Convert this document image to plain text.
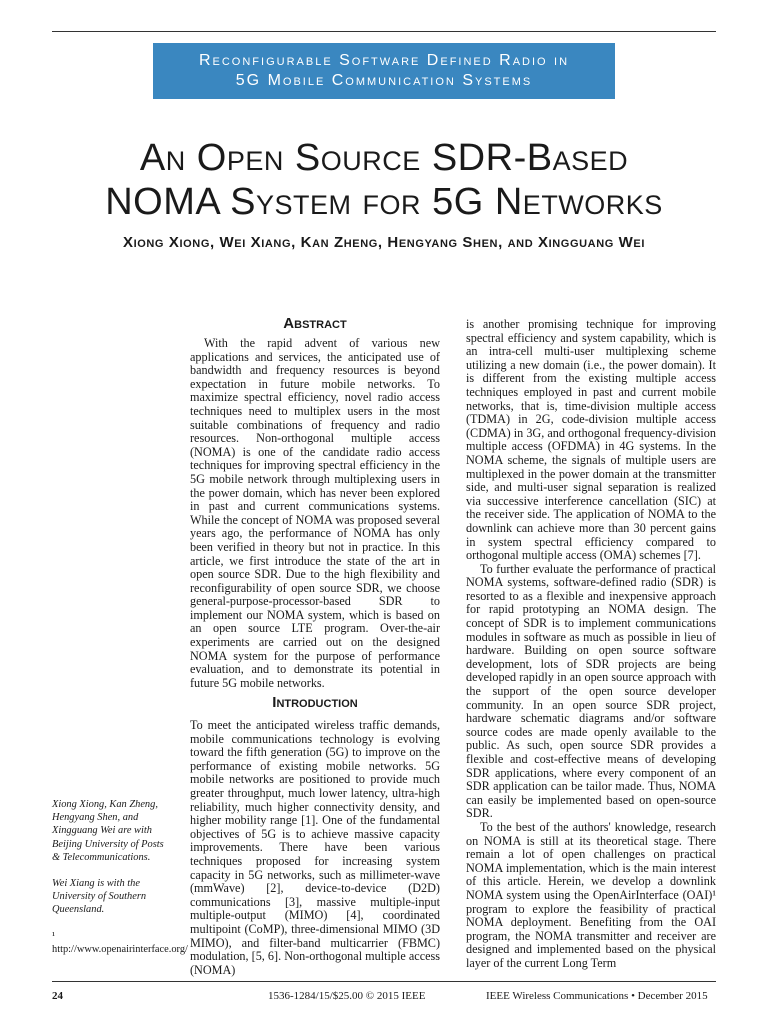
Reconfigurable Software Defined Radio in
5G Mobile Communication Systems
An Open Source SDR-Based
NOMA System for 5G Networks
Xiong Xiong, Wei Xiang, Kan Zheng, Hengyang Shen, and Xingguang Wei
Abstract

With the rapid advent of various new applications and services, the anticipated use of bandwidth and frequency resources is beyond expectation in future mobile networks. To maximize spectral efficiency, novel radio access techniques need to multiplex users in the most suitable combinations of frequency and radio resources. Non-orthogonal multiple access (NOMA) is one of the candidate radio access techniques for improving spectral efficiency in the 5G mobile network through multiplexing users in the power domain, which has never been explored in past and current communications systems. While the concept of NOMA was proposed several years ago, the performance of NOMA has only been verified in theory but not in practice. In this article, we first introduce the state of the art in open source SDR. Due to the high flexibility and reconfigurability of open source SDR, we choose general-purpose-processor-based SDR to implement our NOMA system, which is based on an open source LTE program. Over-the-air experiments are carried out on the designed NOMA system for the purpose of performance evaluation, and to demonstrate its potential in future 5G mobile networks.

Introduction

To meet the anticipated wireless traffic demands, mobile communications technology is evolving toward the fifth generation (5G) to improve on the performance of existing mobile networks. 5G mobile networks are positioned to provide much greater throughput, much lower latency, ultra-high reliability, much higher connectivity density, and higher mobility range [1]. One of the fundamental objectives of 5G is to achieve massive capacity improvements. There have been various techniques proposed for increasing system capacity in 5G networks, such as millimeter-wave (mmWave) [2], device-to-device (D2D) communications [3], massive multiple-input multiple-output (MIMO) [4], coordinated multipoint (CoMP), three-dimensional MIMO (3D MIMO), and filter-band multicarrier (FBMC) modulation, [5, 6]. Non-orthogonal multiple access (NOMA)

is another promising technique for improving spectral efficiency and system capability, which is an intra-cell multi-user multiplexing scheme utilizing a new domain (i.e., the power domain). It is different from the existing multiple access techniques employed in past and current mobile networks, that is, time-division multiple access (TDMA) in 2G, code-division multiple access (CDMA) in 3G, and orthogonal frequency-division multiple access (OFDMA) in 4G systems. In the NOMA scheme, the signals of multiple users are multiplexed in the power domain at the transmitter side, and multi-user signal separation is realized via successive interference cancellation (SIC) at the receiver side. The application of NOMA to the downlink can achieve more than 30 percent gains in system spectral efficiency compared to orthogonal multiple access (OMA) schemes [7].

To further evaluate the performance of practical NOMA systems, software-defined radio (SDR) is resorted to as a flexible and inexpensive approach for rapid prototyping an NOMA design. The concept of SDR is to implement communications modules in software as much as possible in lieu of hardware. Building on open source software development, lots of SDR projects are being developed rapidly in an open source approach with the support of the open source developer community. In an open source SDR project, hardware schematic diagrams and/or software source codes are made openly available to the public. As such, open source SDR provides a flexible and cost-effective means of developing SDR applications, where every component of an SDR application can be tailor made. Thus, NOMA can easily be implemented based on open-source SDR.

To the best of the authors' knowledge, research on NOMA is still at its theoretical stage. There remain a lot of open challenges on practical NOMA implementation, which is the main interest of this article. Herein, we develop a downlink NOMA system using the OpenAirInterface (OAI)¹ program to explore the feasibility of practical NOMA deployment. Benefiting from the OAI program, the NOMA transmitter and receiver are designed and implemented based on the physical layer of the current Long Term

Xiong Xiong, Kan Zheng, Hengyang Shen, and Xingguang Wei are with Beijing University of Posts & Telecommunications.

Wei Xiang is with the University of Southern Queensland.

¹ http://www.openairinterface.org/

24	1536-1284/15/$25.00 © 2015 IEEE	IEEE Wireless Communications • December 2015
